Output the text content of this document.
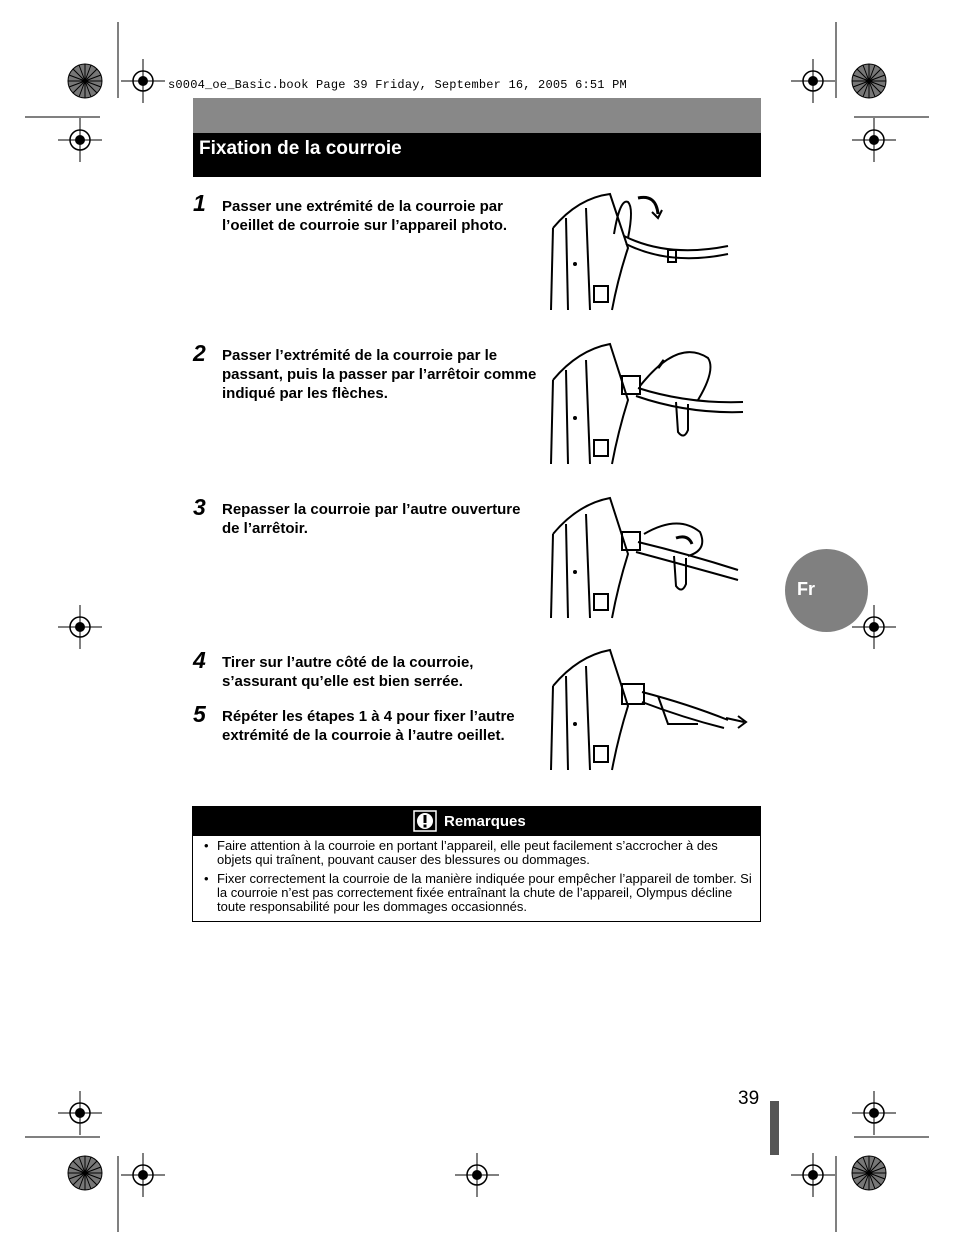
s0004_oe_Basic.book Page 39 Friday, September 16, 2005 6:51 PM
Fixation de la courroie
1 Passer une extrémité de la courroie par l’oeillet de courroie sur l’appareil photo.
2 Passer l’extrémité de la courroie par le passant, puis la passer par l’arrêtoir comme indiqué par les flèches.
3 Repasser la courroie par l’autre ouverture de l’arrêtoir.
4 Tirer sur l’autre côté de la courroie, s’assurant qu’elle est bien serrée.
5 Répéter les étapes 1 à 4 pour fixer l’autre extrémité de la courroie à l’autre oeillet.
Fr
Remarques
• Faire attention à la courroie en portant l’appareil, elle peut facilement s’accrocher à des objets qui traînent, pouvant causer des blessures ou dommages.
• Fixer correctement la courroie de la manière indiquée pour empêcher l’appareil de tomber. Si la courroie n’est pas correctement fixée entraînant la chute de l’appareil, Olympus décline toute responsabilité pour les dommages occasionnés.
39
